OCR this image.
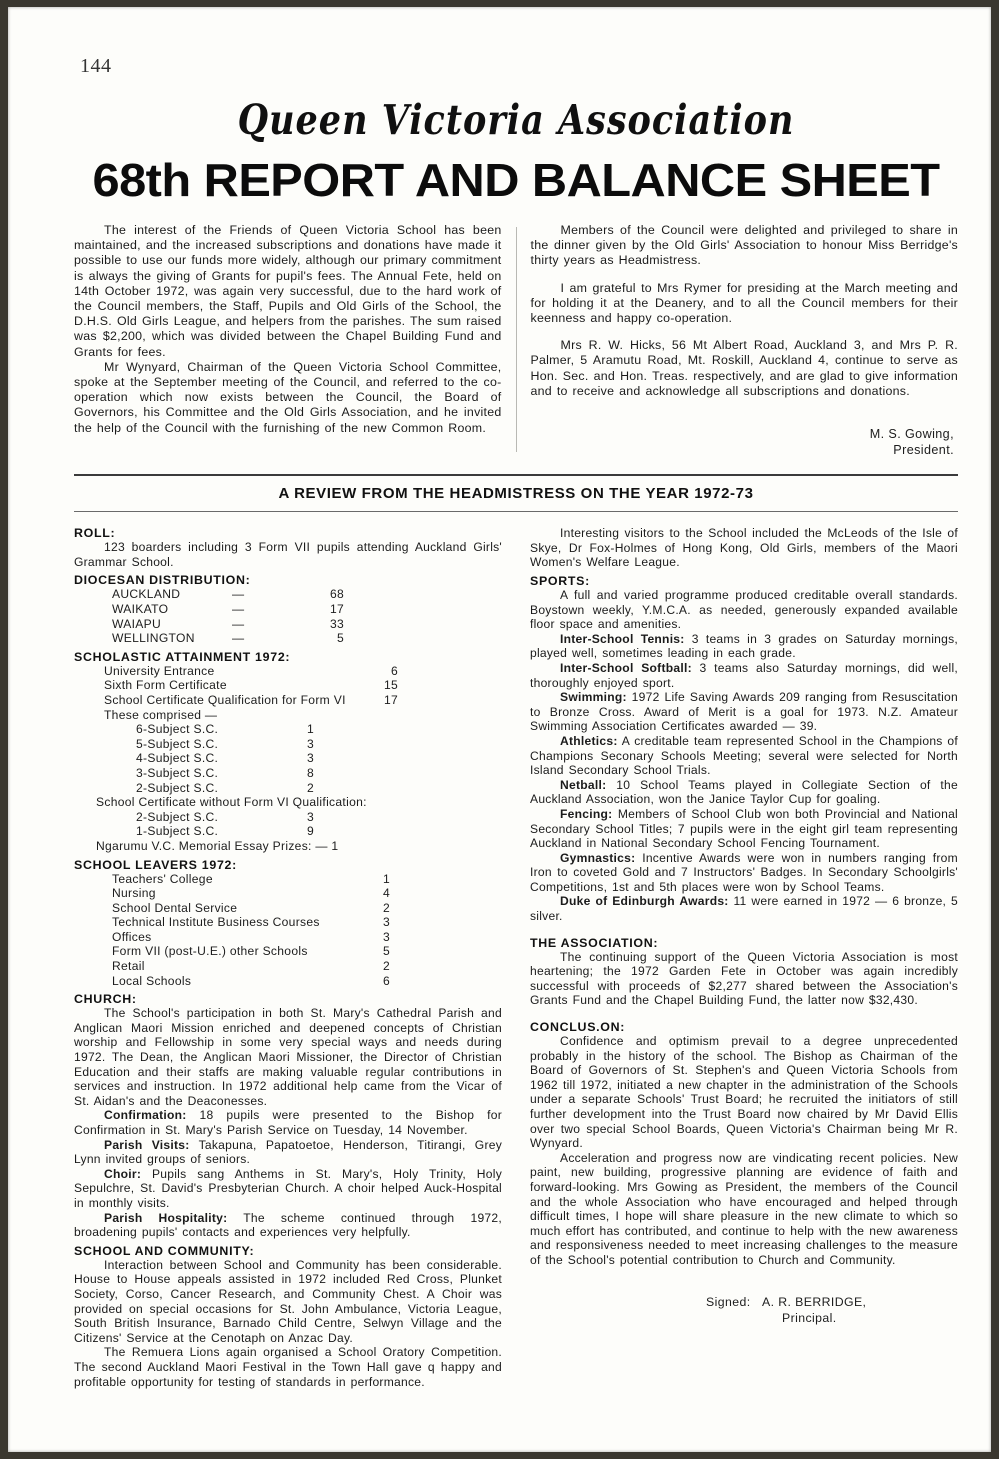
144
Queen Victoria Association
68th REPORT AND BALANCE SHEET

The interest of the Friends of Queen Victoria School has been maintained, and the increased subscriptions and donations have made it possible to use our funds more widely, although our primary commitment is always the giving of Grants for pupil's fees. The Annual Fete, held on 14th October 1972, was again very successful, due to the hard work of the Council members, the Staff, Pupils and Old Girls of the School, the D.H.S. Old Girls League, and helpers from the parishes. The sum raised was $2,200, which was divided between the Chapel Building Fund and Grants for fees.

Mr Wynyard, Chairman of the Queen Victoria School Committee, spoke at the September meeting of the Council, and referred to the co-operation which now exists between the Council, the Board of Governors, his Committee and the Old Girls Association, and he invited the help of the Council with the furnishing of the new Common Room.

Members of the Council were delighted and privileged to share in the dinner given by the Old Girls' Association to honour Miss Berridge's thirty years as Headmistress.

I am grateful to Mrs Rymer for presiding at the March meeting and for holding it at the Deanery, and to all the Council members for their keenness and happy co-operation.

Mrs R. W. Hicks, 56 Mt Albert Road, Auckland 3, and Mrs P. R. Palmer, 5 Aramutu Road, Mt. Roskill, Auckland 4, continue to serve as Hon. Sec. and Hon. Treas. respectively, and are glad to give information and to receive and acknowledge all subscriptions and donations.

M. S. Gowing,
President.
A REVIEW FROM THE HEADMISTRESS ON THE YEAR 1972-73
ROLL:

123 boarders including 3 Form VII pupils attending Auckland Girls' Grammar School.

DIOCESAN DISTRIBUTION:
AUCKLAND	—	68
WAIKATO	—	17
WAIAPU	—	33
WELLINGTON	—	5
SCHOLASTIC ATTAINMENT 1972:
University Entrance	6
Sixth Form Certificate	15
School Certificate Qualification for Form VI	17
These comprised —
6-Subject S.C.	1
5-Subject S.C.	3
4-Subject S.C.	3
3-Subject S.C.	8
2-Subject S.C.	2
School Certificate without Form VI Qualification:
2-Subject S.C.	3
1-Subject S.C.	9
Ngarumu V.C. Memorial Essay Prizes: — 1
SCHOOL LEAVERS 1972:
Teachers' College	1
Nursing	4
School Dental Service	2
Technical Institute Business Courses	3
Offices	3
Form VII (post-U.E.) other Schools	5
Retail	2
Local Schools	6
CHURCH:

The School's participation in both St. Mary's Cathedral Parish and Anglican Maori Mission enriched and deepened concepts of Christian worship and Fellowship in some very special ways and needs during 1972. The Dean, the Anglican Maori Missioner, the Director of Christian Education and their staffs are making valuable regular contributions in services and instruction. In 1972 additional help came from the Vicar of St. Aidan's and the Deaconesses.

Confirmation: 18 pupils were presented to the Bishop for Confirmation in St. Mary's Parish Service on Tuesday, 14 November.

Parish Visits: Takapuna, Papatoetoe, Henderson, Titirangi, Grey Lynn invited groups of seniors.

Choir: Pupils sang Anthems in St. Mary's, Holy Trinity, Holy Sepulchre, St. David's Presbyterian Church. A choir helped Auck-Hospital in monthly visits.

Parish Hospitality: The scheme continued through 1972, broadening pupils' contacts and experiences very helpfully.

SCHOOL AND COMMUNITY:

Interaction between School and Community has been considerable. House to House appeals assisted in 1972 included Red Cross, Plunket Society, Corso, Cancer Research, and Community Chest. A Choir was provided on special occasions for St. John Ambulance, Victoria League, South British Insurance, Barnado Child Centre, Selwyn Village and the Citizens' Service at the Cenotaph on Anzac Day.

The Remuera Lions again organised a School Oratory Competition. The second Auckland Maori Festival in the Town Hall gave q happy and profitable opportunity for testing of standards in performance.

Interesting visitors to the School included the McLeods of the Isle of Skye, Dr Fox-Holmes of Hong Kong, Old Girls, members of the Maori Women's Welfare League.

SPORTS:

A full and varied programme produced creditable overall standards. Boystown weekly, Y.M.C.A. as needed, generously expanded available floor space and amenities.

Inter-School Tennis: 3 teams in 3 grades on Saturday mornings, played well, sometimes leading in each grade.

Inter-School Softball: 3 teams also Saturday mornings, did well, thoroughly enjoyed sport.

Swimming: 1972 Life Saving Awards 209 ranging from Resuscitation to Bronze Cross. Award of Merit is a goal for 1973. N.Z. Amateur Swimming Association Certificates awarded — 39.

Athletics: A creditable team represented School in the Champions of Champions Seconary Schools Meeting; several were selected for North Island Secondary School Trials.

Netball: 10 School Teams played in Collegiate Section of the Auckland Association, won the Janice Taylor Cup for goaling.

Fencing: Members of School Club won both Provincial and National Secondary School Titles; 7 pupils were in the eight girl team representing Auckland in National Secondary School Fencing Tournament.

Gymnastics: Incentive Awards were won in numbers ranging from Iron to coveted Gold and 7 Instructors' Badges. In Secondary Schoolgirls' Competitions, 1st and 5th places were won by School Teams.

Duke of Edinburgh Awards: 11 were earned in 1972 — 6 bronze, 5 silver.

THE ASSOCIATION:

The continuing support of the Queen Victoria Association is most heartening; the 1972 Garden Fete in October was again incredibly successful with proceeds of $2,277 shared between the Association's Grants Fund and the Chapel Building Fund, the latter now $32,430.

CONCLUS.ON:

Confidence and optimism prevail to a degree unprecedented probably in the history of the school. The Bishop as Chairman of the Board of Governors of St. Stephen's and Queen Victoria Schools from 1962 till 1972, initiated a new chapter in the administration of the Schools under a separate Schools' Trust Board; he recruited the initiators of still further development into the Trust Board now chaired by Mr David Ellis over two special School Boards, Queen Victoria's Chairman being Mr R. Wynyard.

Acceleration and progress now are vindicating recent policies. New paint, new building, progressive planning are evidence of faith and forward-looking. Mrs Gowing as President, the members of the Council and the whole Association who have encouraged and helped through difficult times, I hope will share pleasure in the new climate to which so much effort has contributed, and continue to help with the new awareness and responsiveness needed to meet increasing challenges to the measure of the School's potential contribution to Church and Community.

Signed: A. R. BERRIDGE,
Principal.
